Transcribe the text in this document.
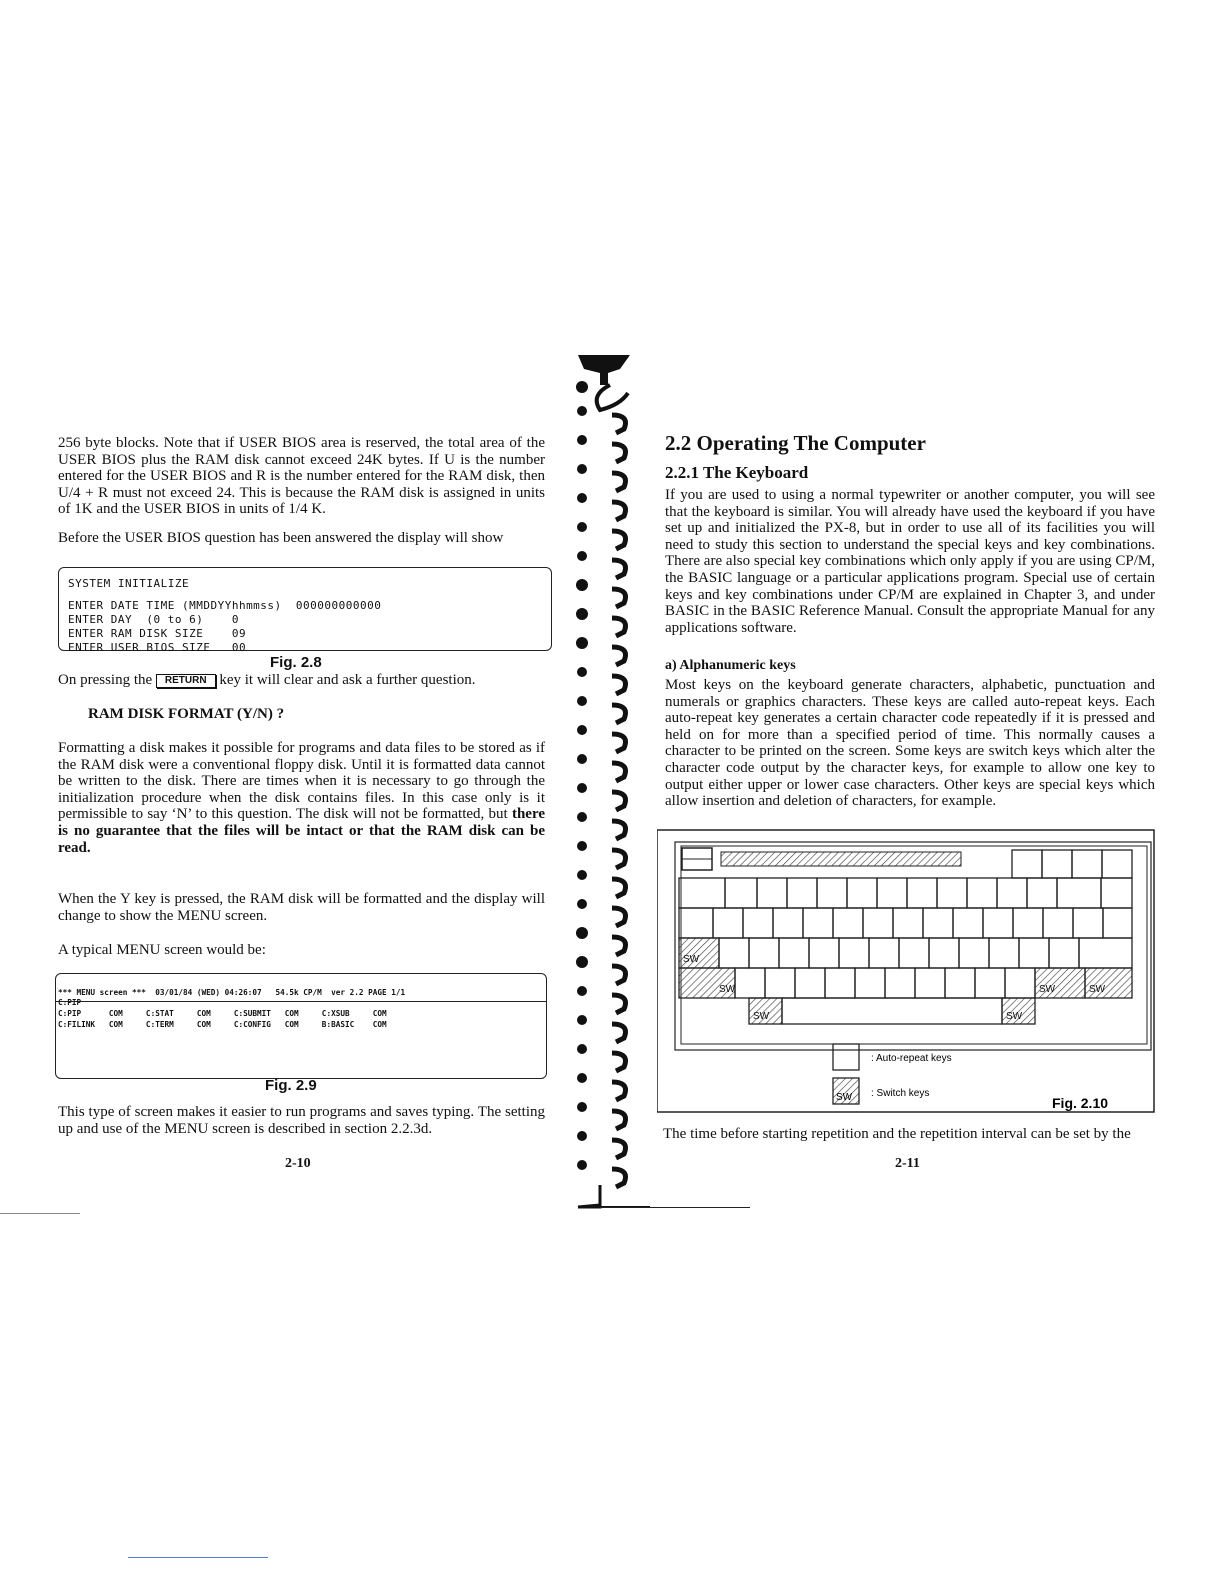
256 byte blocks. Note that if USER BIOS area is reserved, the total area of the USER BIOS plus the RAM disk cannot exceed 24K bytes. If U is the number entered for the USER BIOS and R is the number entered for the RAM disk, then U/4 + R must not exceed 24. This is because the RAM disk is assigned in units of 1K and the USER BIOS in units of 1/4 K.

Before the USER BIOS question has been answered the display will show

SYSTEM INITIALIZE
ENTER DATE TIME (MMDDYYhhmmss)  000000000000
ENTER DAY  (0 to 6)    0
ENTER RAM DISK SIZE    09
ENTER USER BIOS SIZE   00
Fig. 2.8

On pressing the RETURN key it will clear and ask a further question.

RAM DISK FORMAT (Y/N) ?

Formatting a disk makes it possible for programs and data files to be stored as if the RAM disk were a conventional floppy disk. Until it is formatted data cannot be written to the disk. There are times when it is necessary to go through the initialization procedure when the disk contains files. In this case only is it permissible to say ‘N’ to this question. The disk will not be formatted, but there is no guarantee that the files will be intact or that the RAM disk can be read.

When the Y key is pressed, the RAM disk will be formatted and the display will change to show the MENU screen.

A typical MENU screen would be:

*** MENU screen ***  03/01/84 (WED) 04:26:07   54.5k CP/M  ver 2.2 PAGE 1/1
C:PIP
C:PIP      COM     C:STAT     COM     C:SUBMIT   COM     C:XSUB     COM
C:FILINK   COM     C:TERM     COM     C:CONFIG   COM     B:BASIC    COM
Fig. 2.9

This type of screen makes it easier to run programs and saves typing. The setting up and use of the MENU screen is described in section 2.2.3d.

2-10
2.2 Operating The Computer
2.2.1 The Keyboard

If you are used to using a normal typewriter or another computer, you will see that the keyboard is similar. You will already have used the keyboard if you have set up and initialized the PX-8, but in order to use all of its facilities you will need to study this section to understand the special keys and key combinations. There are also special key combinations which only apply if you are using CP/M, the BASIC language or a particular applications program. Special use of certain keys and key combinations under CP/M are explained in Chapter 3, and under BASIC in the BASIC Reference Manual. Consult the appropriate Manual for any applications software.

a) Alphanumeric keys

Most keys on the keyboard generate characters, alphabetic, punctuation and numerals or graphics characters. These keys are called auto-repeat keys. Each auto-repeat key generates a certain character code repeatedly if it is pressed and held on for more than a specified period of time. This normally causes a character to be printed on the screen. Some keys are switch keys which alter the character code output by the character keys, for example to allow one key to output either upper or lower case characters. Other keys are special keys which allow insertion and deletion of characters, for example.

SW
SW	SW	SW
SW	SW
: Auto-repeat keys
SW : Switch keys
Fig. 2.10

The time before starting repetition and the repetition interval can be set by the

2-11
